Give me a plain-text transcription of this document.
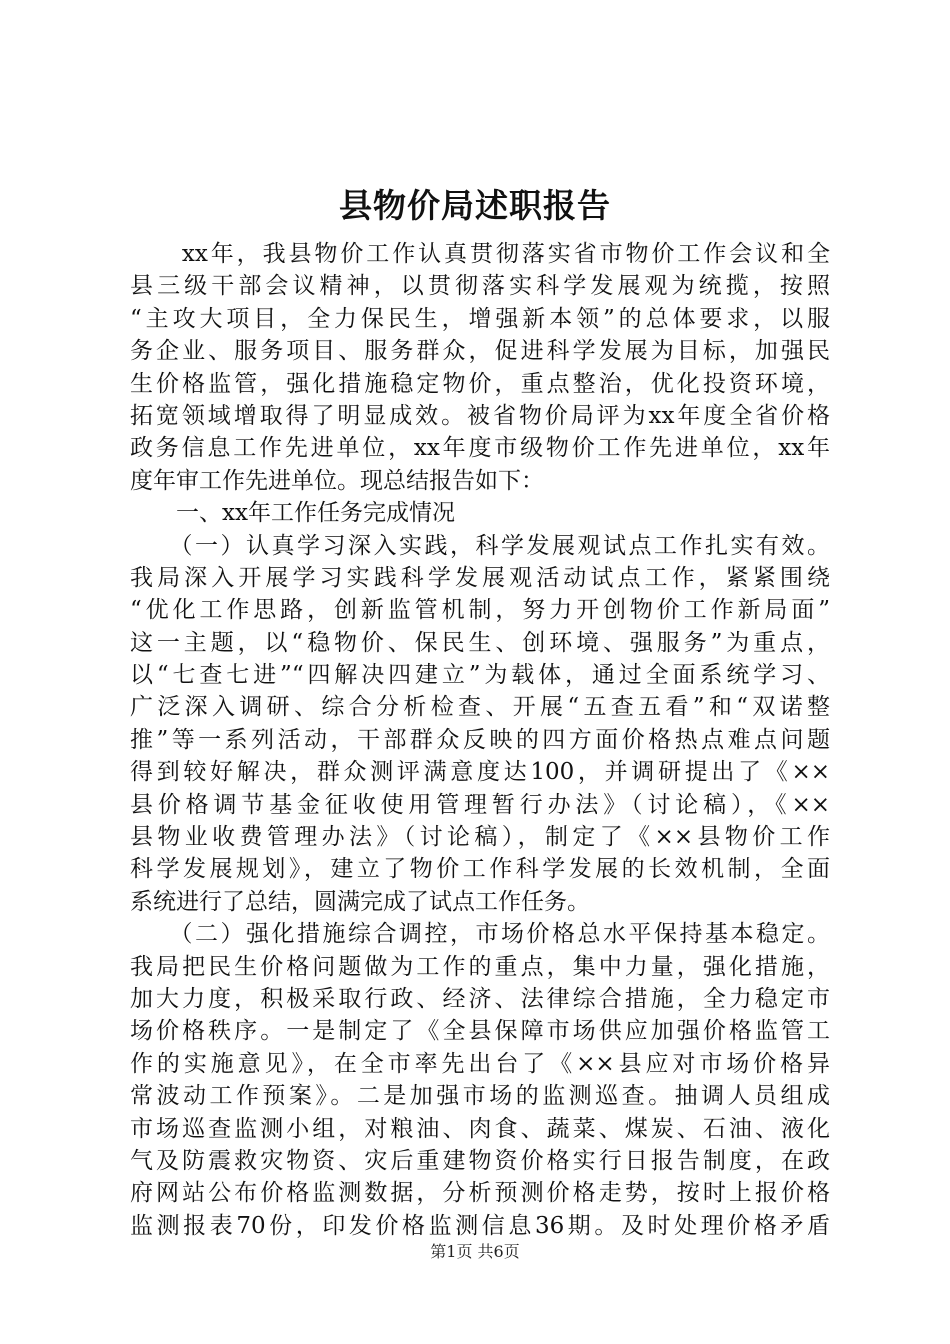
县物价局述职报告
　　xx年，我县物价工作认真贯彻落实省市物价工作会议和全
县三级干部会议精神，以贯彻落实科学发展观为统揽，按照
“主攻大项目，全力保民生，增强新本领”的总体要求，以服
务企业、服务项目、服务群众，促进科学发展为目标，加强民
生价格监管，强化措施稳定物价，重点整治，优化投资环境，
拓宽领域增取得了明显成效。被省物价局评为xx年度全省价格
政务信息工作先进单位，xx年度市级物价工作先进单位，xx年
度年审工作先进单位。现总结报告如下：
　　一、xx年工作任务完成情况
　　（一）认真学习深入实践，科学发展观试点工作扎实有效。
我局深入开展学习实践科学发展观活动试点工作，紧紧围绕
“优化工作思路，创新监管机制，努力开创物价工作新局面”
这一主题，以“稳物价、保民生、创环境、强服务”为重点，
以“七查七进”“四解决四建立”为载体，通过全面系统学习、
广泛深入调研、综合分析检查、开展“五查五看”和“双诺整
推”等一系列活动，干部群众反映的四方面价格热点难点问题
得到较好解决，群众测评满意度达100，并调研提出了《××
县价格调节基金征收使用管理暂行办法》（讨论稿），《××
县物业收费管理办法》（讨论稿），制定了《××县物价工作
科学发展规划》，建立了物价工作科学发展的长效机制，全面
系统进行了总结，圆满完成了试点工作任务。
　　（二）强化措施综合调控，市场价格总水平保持基本稳定。
我局把民生价格问题做为工作的重点，集中力量，强化措施，
加大力度，积极采取行政、经济、法律综合措施，全力稳定市
场价格秩序。一是制定了《全县保障市场供应加强价格监管工
作的实施意见》，在全市率先出台了《××县应对市场价格异
常波动工作预案》。二是加强市场的监测巡查。抽调人员组成
市场巡查监测小组，对粮油、肉食、蔬菜、煤炭、石油、液化
气及防震救灾物资、灾后重建物资价格实行日报告制度，在政
府网站公布价格监测数据，分析预测价格走势，按时上报价格
监测报表70份，印发价格监测信息36期。及时处理价格矛盾
第1页 共6页
